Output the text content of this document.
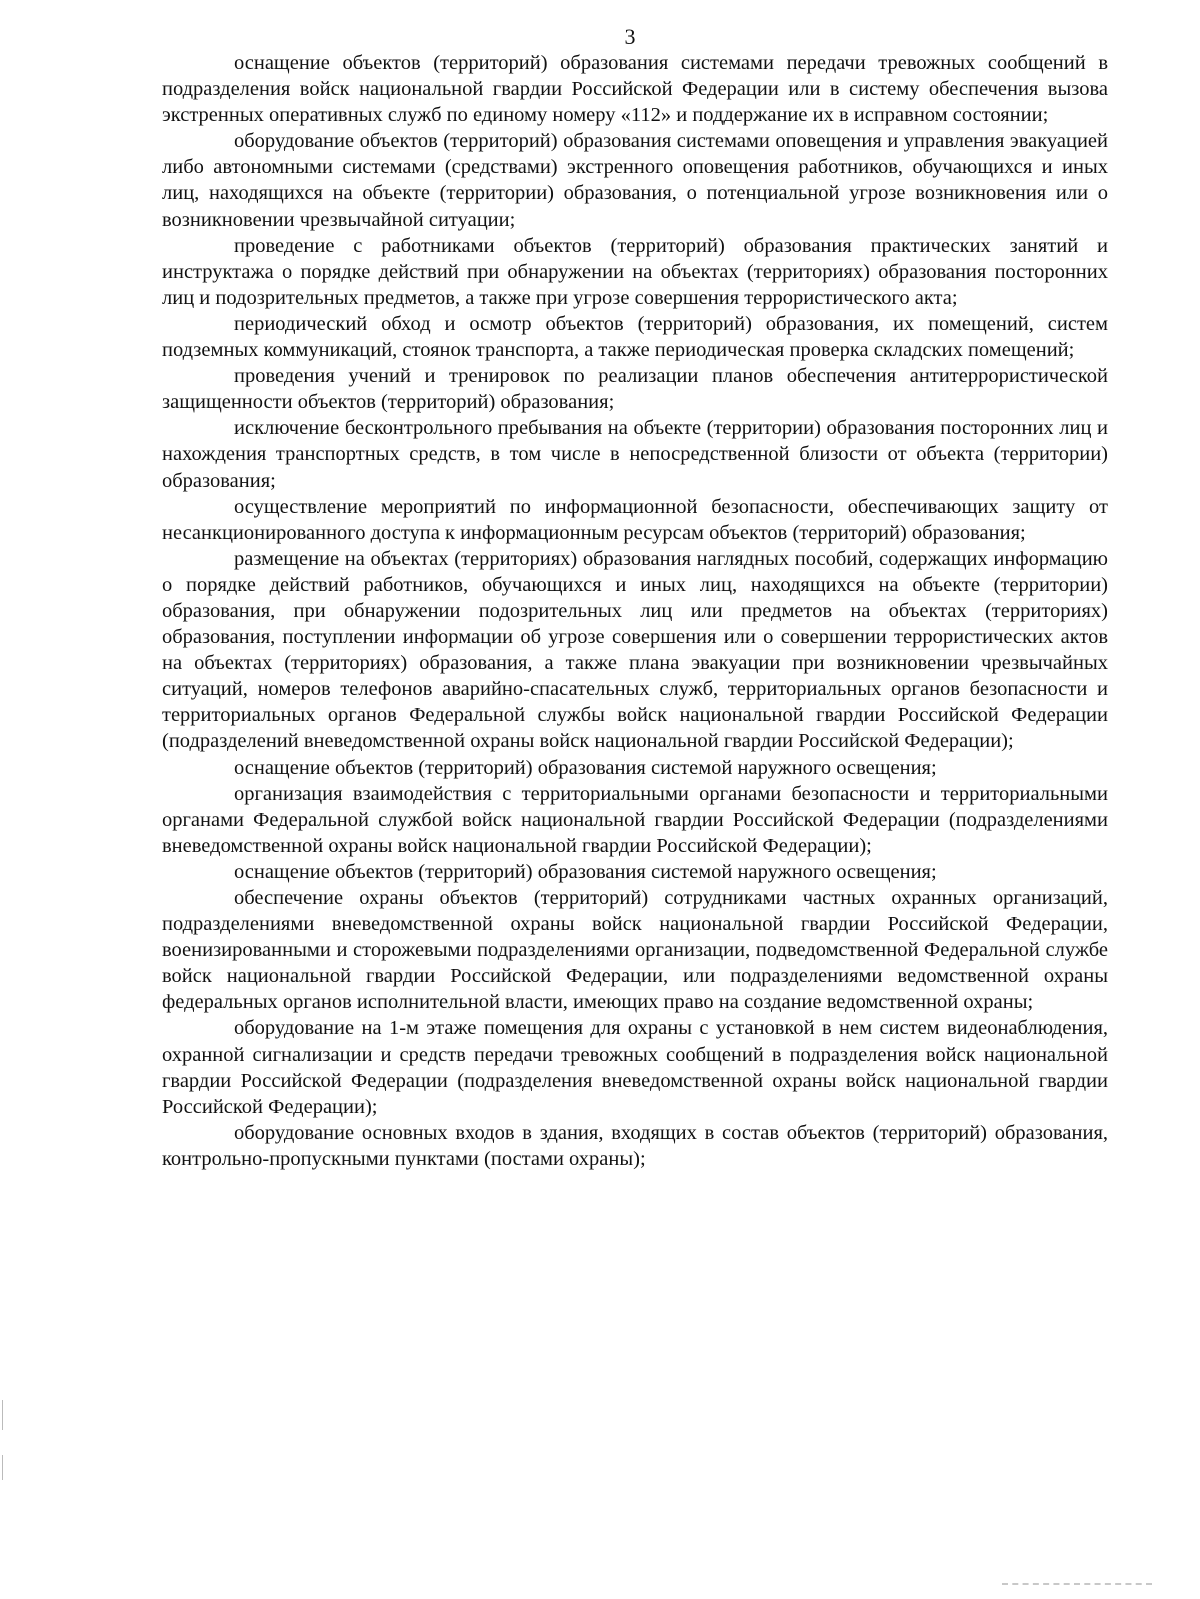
3

оснащение объектов (территорий) образования системами передачи тревожных сообщений в подразделения войск национальной гвардии Российской Федерации или в систему обеспечения вызова экстренных оперативных служб по единому номеру «112» и поддержание их в исправном состоянии;

оборудование объектов (территорий) образования системами оповещения и управления эвакуацией либо автономными системами (средствами) экстренного оповещения работников, обучающихся и иных лиц, находящихся на объекте (территории) образования, о потенциальной угрозе возникновения или о возникновении чрезвычайной ситуации;

проведение с работниками объектов (территорий) образования практических занятий и инструктажа о порядке действий при обнаружении на объектах (территориях) образования посторонних лиц и подозрительных предметов, а также при угрозе совершения террористического акта;

периодический обход и осмотр объектов (территорий) образования, их помещений, систем подземных коммуникаций, стоянок транспорта, а также периодическая проверка складских помещений;

проведения учений и тренировок по реализации планов обеспечения антитеррористической защищенности объектов (территорий) образования;

исключение бесконтрольного пребывания на объекте (территории) образования посторонних лиц и нахождения транспортных средств, в том числе в непосредственной близости от объекта (территории) образования;

осуществление мероприятий по информационной безопасности, обеспечивающих защиту от несанкционированного доступа к информационным ресурсам объектов (территорий) образования;

размещение на объектах (территориях) образования наглядных пособий, содержащих информацию о порядке действий работников, обучающихся и иных лиц, находящихся на объекте (территории) образования, при обнаружении подозрительных лиц или предметов на объектах (территориях) образования, поступлении информации об угрозе совершения или о совершении террористических актов на объектах (территориях) образования, а также плана эвакуации при возникновении чрезвычайных ситуаций, номеров телефонов аварийно-спасательных служб, территориальных органов безопасности и территориальных органов Федеральной службы войск национальной гвардии Российской Федерации (подразделений вневедомственной охраны войск национальной гвардии Российской Федерации);

оснащение объектов (территорий) образования системой наружного освещения;

организация взаимодействия с территориальными органами безопасности и территориальными органами Федеральной службой войск национальной гвардии Российской Федерации (подразделениями вневедомственной охраны войск национальной гвардии Российской Федерации);

оснащение объектов (территорий) образования системой наружного освещения;

обеспечение охраны объектов (территорий) сотрудниками частных охранных организаций, подразделениями вневедомственной охраны войск национальной гвардии Российской Федерации, военизированными и сторожевыми подразделениями организации, подведомственной Федеральной службе войск национальной гвардии Российской Федерации, или подразделениями ведомственной охраны федеральных органов исполнительной власти, имеющих право на создание ведомственной охраны;

оборудование на 1-м этаже помещения для охраны с установкой в нем систем видеонаблюдения, охранной сигнализации и средств передачи тревожных сообщений в подразделения войск национальной гвардии Российской Федерации (подразделения вневедомственной охраны войск национальной гвардии Российской Федерации);

оборудование основных входов в здания, входящих в состав объектов (территорий) образования, контрольно-пропускными пунктами (постами охраны);
